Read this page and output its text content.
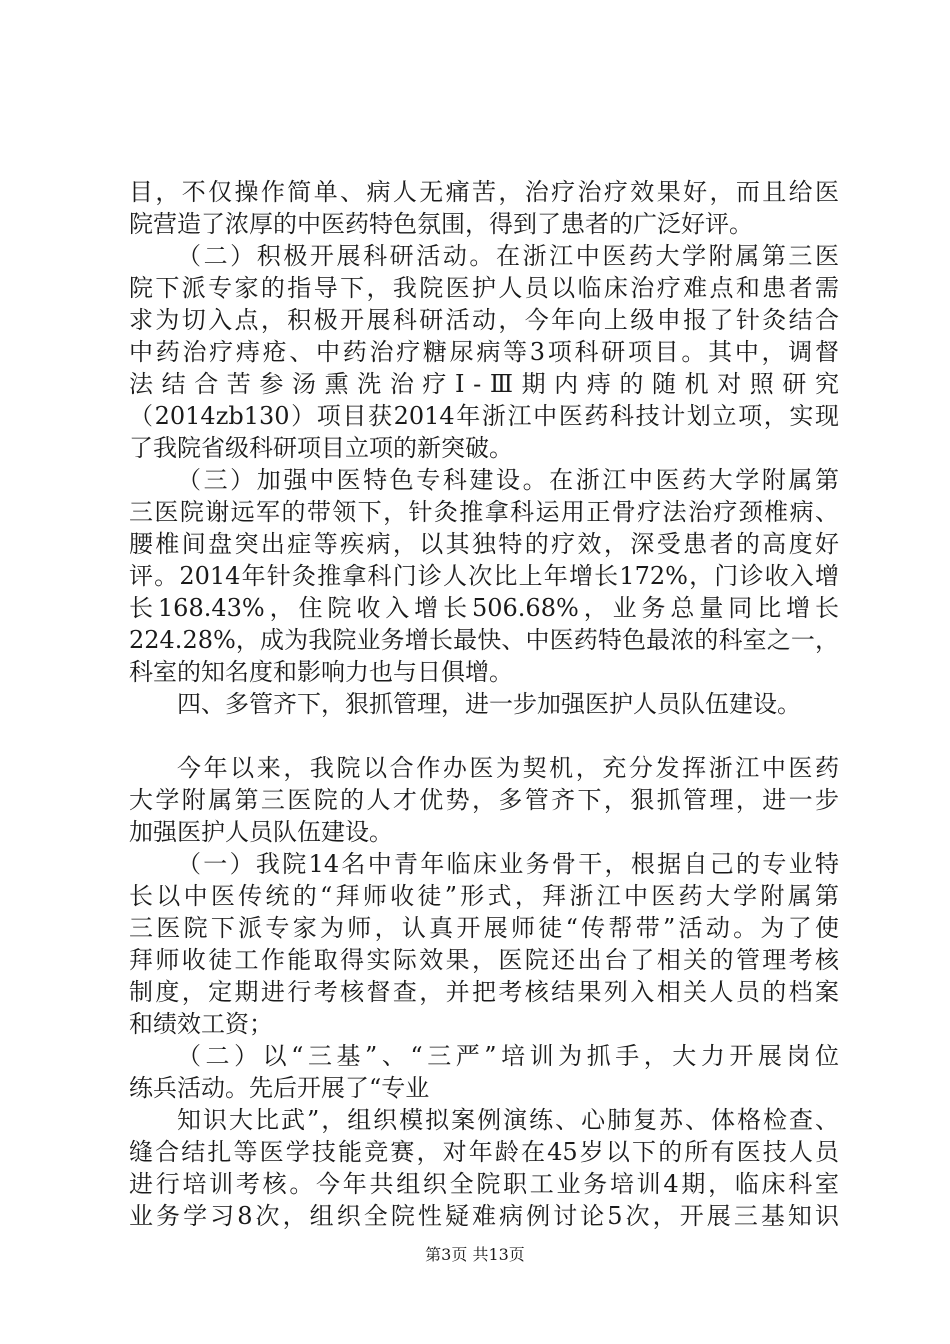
目，不仅操作简单、病人无痛苦，治疗治疗效果好，而且给医
院营造了浓厚的中医药特色氛围，得到了患者的广泛好评。
（二）积极开展科研活动。在浙江中医药大学附属第三医
院下派专家的指导下，我院医护人员以临床治疗难点和患者需
求为切入点，积极开展科研活动，今年向上级申报了针灸结合
中药治疗痔疮、中药治疗糖尿病等3项科研项目。其中，调督
法结合苦参汤熏洗治疗Ⅰ-Ⅲ期内痔的随机对照研究
（2014zb130）项目获2014年浙江中医药科技计划立项，实现
了我院省级科研项目立项的新突破。
（三）加强中医特色专科建设。在浙江中医药大学附属第
三医院谢远军的带领下，针灸推拿科运用正骨疗法治疗颈椎病、
腰椎间盘突出症等疾病，以其独特的疗效，深受患者的高度好
评。2014年针灸推拿科门诊人次比上年增长172%，门诊收入增
长168.43%，住院收入增长506.68%，业务总量同比增长
224.28%，成为我院业务增长最快、中医药特色最浓的科室之一，
科室的知名度和影响力也与日俱增。
四、多管齐下，狠抓管理，进一步加强医护人员队伍建设。
今年以来，我院以合作办医为契机，充分发挥浙江中医药
大学附属第三医院的人才优势，多管齐下，狠抓管理，进一步
加强医护人员队伍建设。
（一）我院14名中青年临床业务骨干，根据自己的专业特
长以中医传统的“拜师收徒”形式，拜浙江中医药大学附属第
三医院下派专家为师，认真开展师徒“传帮带”活动。为了使
拜师收徒工作能取得实际效果，医院还出台了相关的管理考核
制度，定期进行考核督查，并把考核结果列入相关人员的档案
和绩效工资；
（二）以“三基”、“三严”培训为抓手，大力开展岗位
练兵活动。先后开展了“专业
知识大比武”，组织模拟案例演练、心肺复苏、体格检查、
缝合结扎等医学技能竞赛，对年龄在45岁以下的所有医技人员
进行培训考核。今年共组织全院职工业务培训4期，临床科室
业务学习8次，组织全院性疑难病例讨论5次，开展三基知识
第3页 共13页
